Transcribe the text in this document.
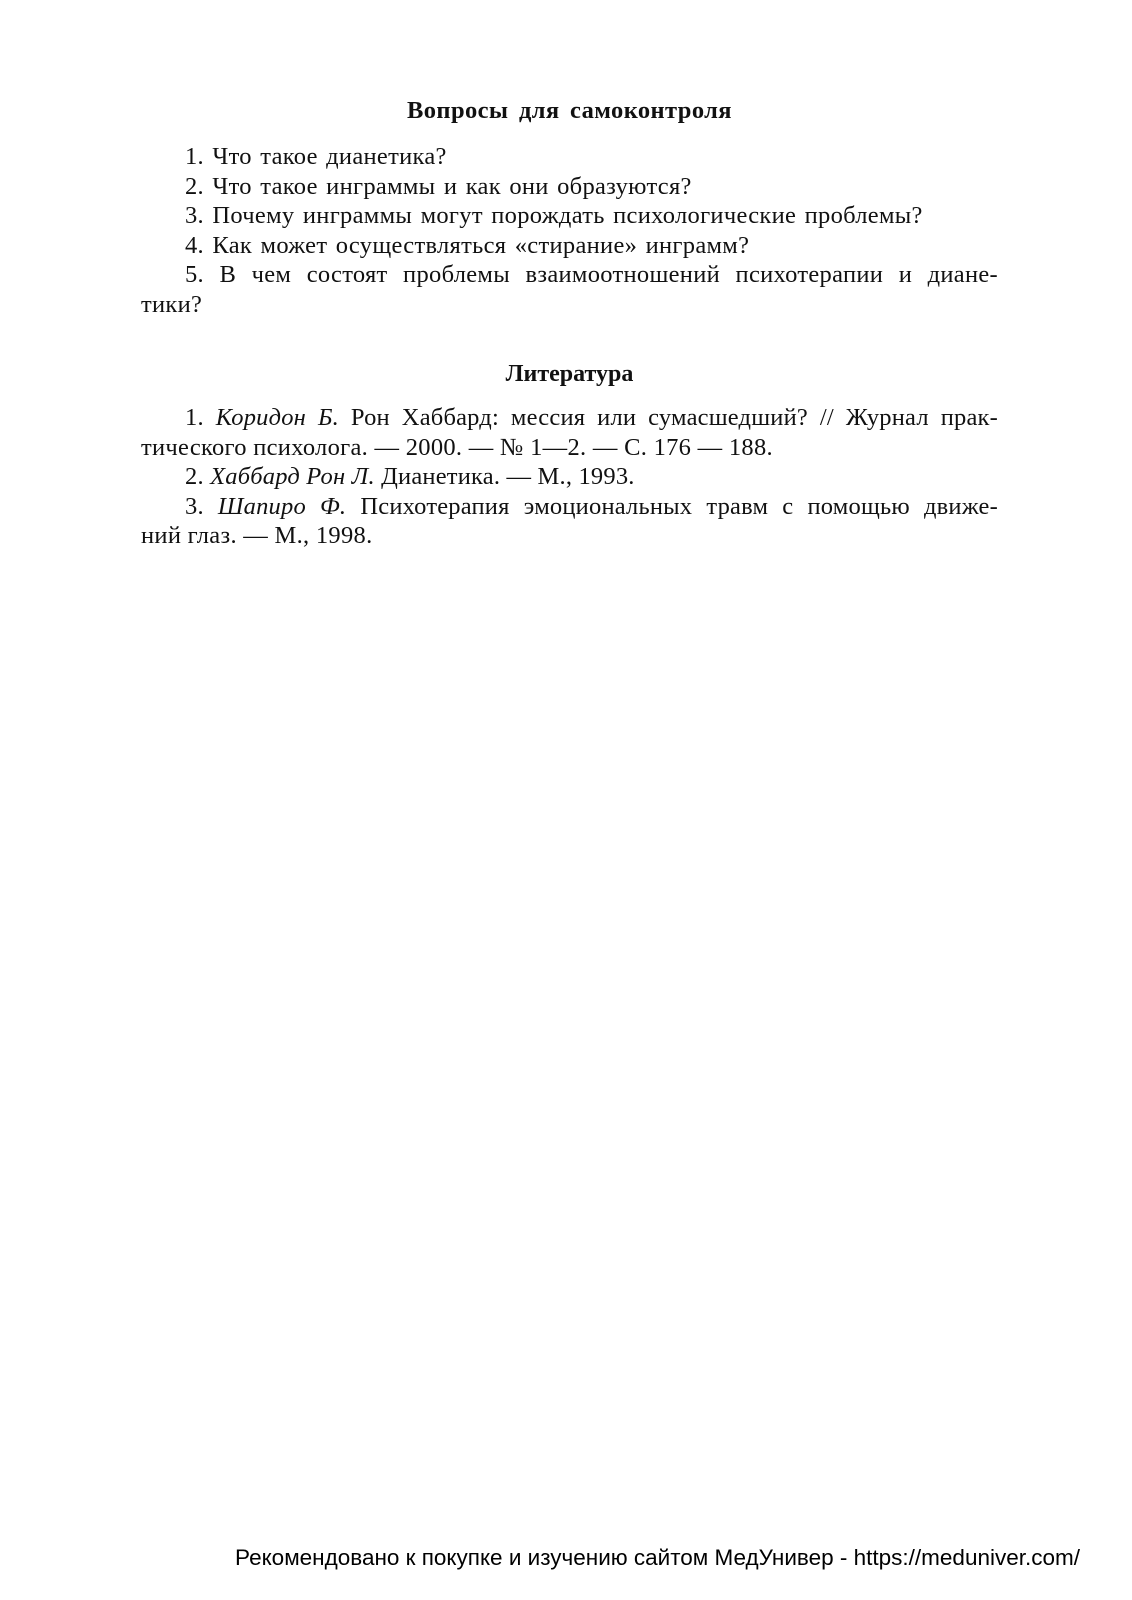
Вопросы для самоконтроля

1. Что такое дианетика?

2. Что такое инграммы и как они образуются?

3. Почему инграммы могут порождать психологические проблемы?

4. Как может осуществляться «стирание» инграмм?

5. В чем состоят проблемы взаимоотношений психотерапии и диане-

тики?

Литература

1. Коридон Б. Рон Хаббард: мессия или сумасшедший? // Журнал прак-

тического психолога. — 2000. — № 1—2. — С. 176 — 188.

2. Хаббард Рон Л. Дианетика. — М., 1993.

3. Шапиро Ф. Психотерапия эмоциональных травм с помощью движе-

ний глаз. — М., 1998.

Рекомендовано к покупке и изучению сайтом МедУнивер - https://meduniver.com/
